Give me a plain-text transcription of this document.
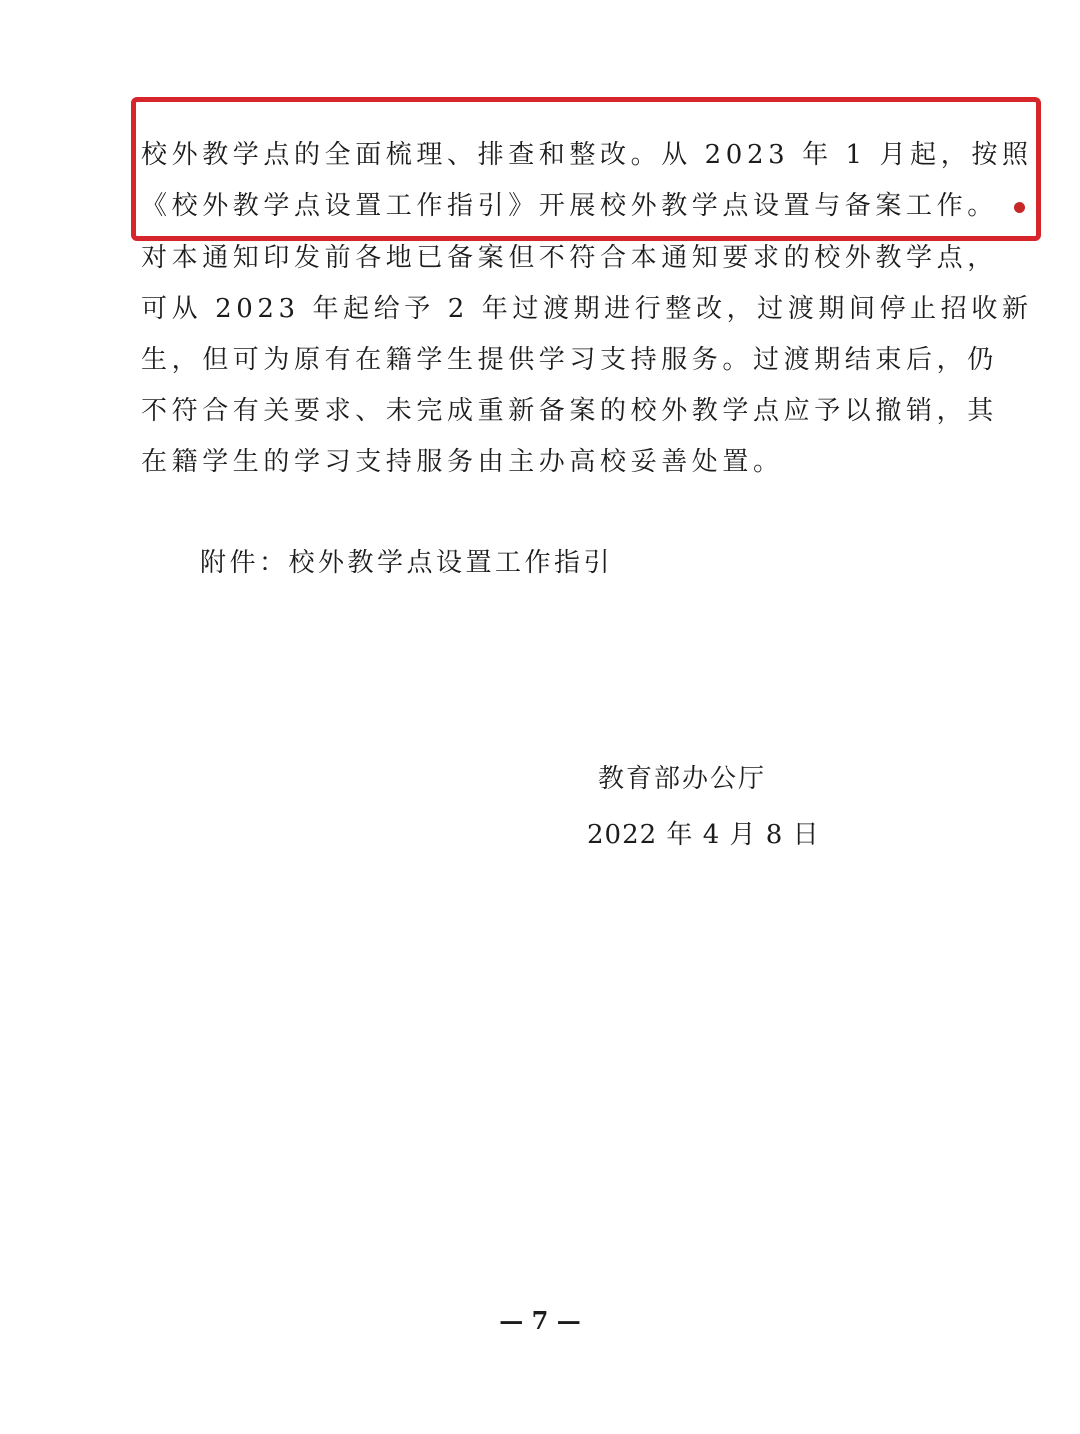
校外教学点的全面梳理、排查和整改。从 2023 年 1 月起，按照
《校外教学点设置工作指引》开展校外教学点设置与备案工作。
对本通知印发前各地已备案但不符合本通知要求的校外教学点，
可从 2023 年起给予 2 年过渡期进行整改，过渡期间停止招收新
生，但可为原有在籍学生提供学习支持服务。过渡期结束后，仍
不符合有关要求、未完成重新备案的校外教学点应予以撤销，其
在籍学生的学习支持服务由主办高校妥善处置。
附件：校外教学点设置工作指引
教育部办公厅
2022 年 4 月 8 日
— 7 —
